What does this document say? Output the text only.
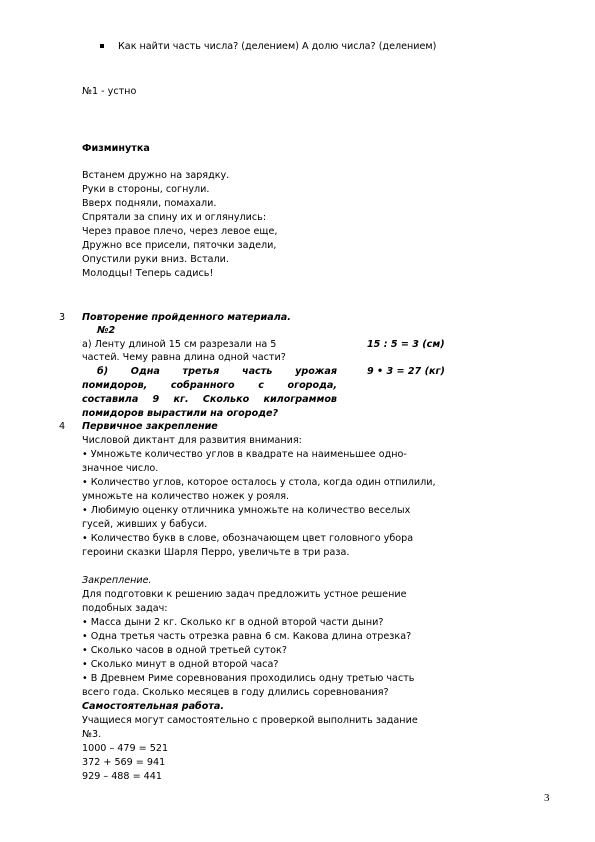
Как найти часть числа? (делением) А долю числа? (делением)
№1 - устно
Физминутка
Встанем дружно на зарядку.
Руки в стороны, согнули.
Вверх подняли, помахали.
Спрятали за спину их и оглянулись:
Через правое плечо, через левое еще,
Дружно все присели, пяточки задели,
Опустили руки вниз. Встали.
Молодцы! Теперь садись!
3 Повторение пройденного материала.
№2
а) Ленту длиной 15 см разрезали на 5
частей. Чему равна длина одной части?
15 : 5 = 3 (см)
б) Одна третья часть урожая
помидоров, собранного с огорода,
составила 9 кг. Сколько килограммов
помидоров вырастили на огороде?
9 • 3 = 27 (кг)
4 Первичное закрепление
Числовой диктант для развития внимания:
• Умножьте количество углов в квадрате на наименьшее одно-
значное число.
• Количество углов, которое осталось у стола, когда один отпилили,
умножьте на количество ножек у рояля.
• Любимую оценку отличника умножьте на количество веселых
гусей, живших у бабуси.
• Количество букв в слове, обозначающем цвет головного убора
героини сказки Шарля Перро, увеличьте в три раза.
Закрепление.
Для подготовки к решению задач предложить устное решение
подобных задач:
• Масса дыни 2 кг. Сколько кг в одной второй части дыни?
• Одна третья часть отрезка равна 6 см. Какова длина отрезка?
• Сколько часов в одной третьей суток?
• Сколько минут в одной второй часа?
• В Древнем Риме соревнования проходились одну третью часть
всего года. Сколько месяцев в году длились соревнования?
Самостоятельная работа.
Учащиеся могут самостоятельно с проверкой выполнить задание
№3.
1000 – 479 = 521
372 + 569 = 941
929 – 488 = 441
3
